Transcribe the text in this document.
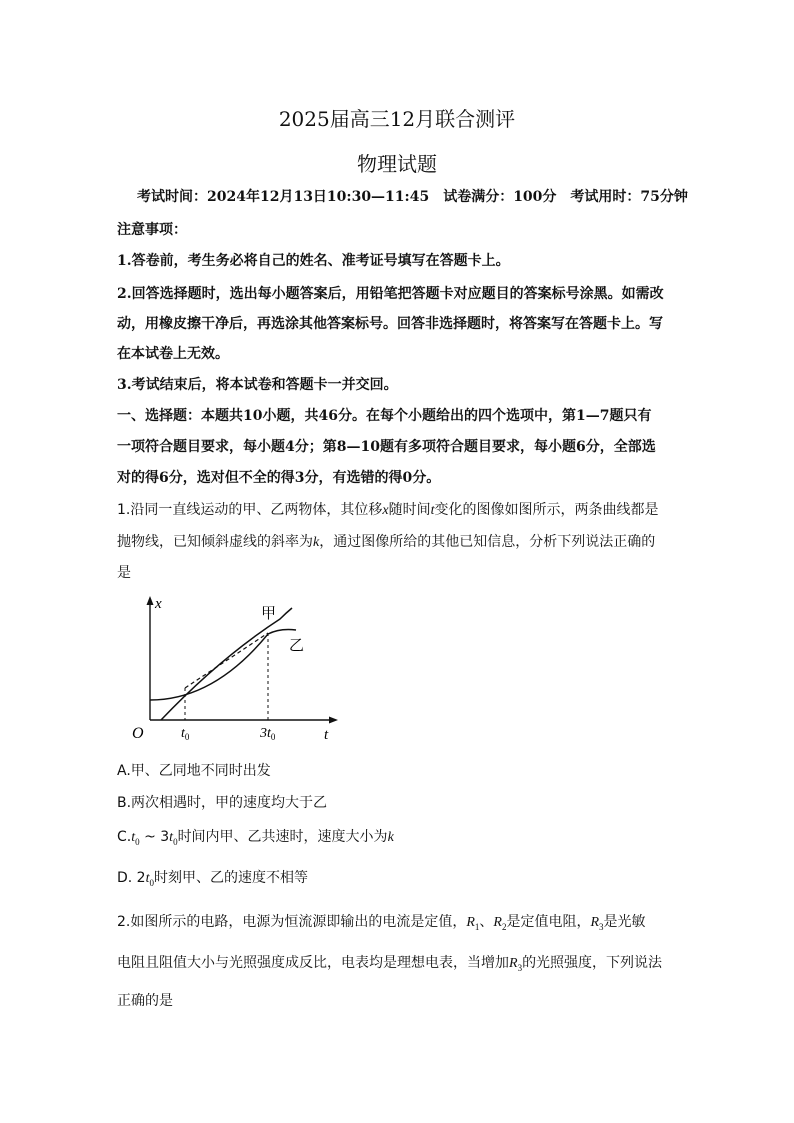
2025届高三12月联合测评
物理试题
考试时间：2024年12月13日10:30—11:45　试卷满分：100分　考试用时：75分钟
注意事项：
1.答卷前，考生务必将自己的姓名、准考证号填写在答题卡上。
2.回答选择题时，选出每小题答案后，用铅笔把答题卡对应题目的答案标号涂黑。如需改
动，用橡皮擦干净后，再选涂其他答案标号。回答非选择题时，将答案写在答题卡上。写
在本试卷上无效。
3.考试结束后，将本试卷和答题卡一并交回。
一、选择题：本题共10小题，共46分。在每个小题给出的四个选项中，第1—7题只有
一项符合题目要求，每小题4分；第8—10题有多项符合题目要求，每小题6分，全部选
对的得6分，选对但不全的得3分，有选错的得0分。
1.沿同一直线运动的甲、乙两物体，其位移x随时间t变化的图像如图所示，两条曲线都是
抛物线，已知倾斜虚线的斜率为k，通过图像所给的其他已知信息，分析下列说法正确的
是
x
t
O
甲
乙
$t_0$	$3t_0$
A.甲、乙同地不同时出发
B.两次相遇时，甲的速度均大于乙
$C.t_0$ ~ $3t_0$时间内甲、乙共速时，速度大小为k
D. $2t_0$时刻甲、乙的速度不相等
2.如图所示的电路，电源为恒流源即输出的电流是定值，$R_1$、$R_2$是定值电阻，$R_3$是光敏
电阻且阻值大小与光照强度成反比，电表均是理想电表，当增加$R_3$的光照强度，下列说法
正确的是
